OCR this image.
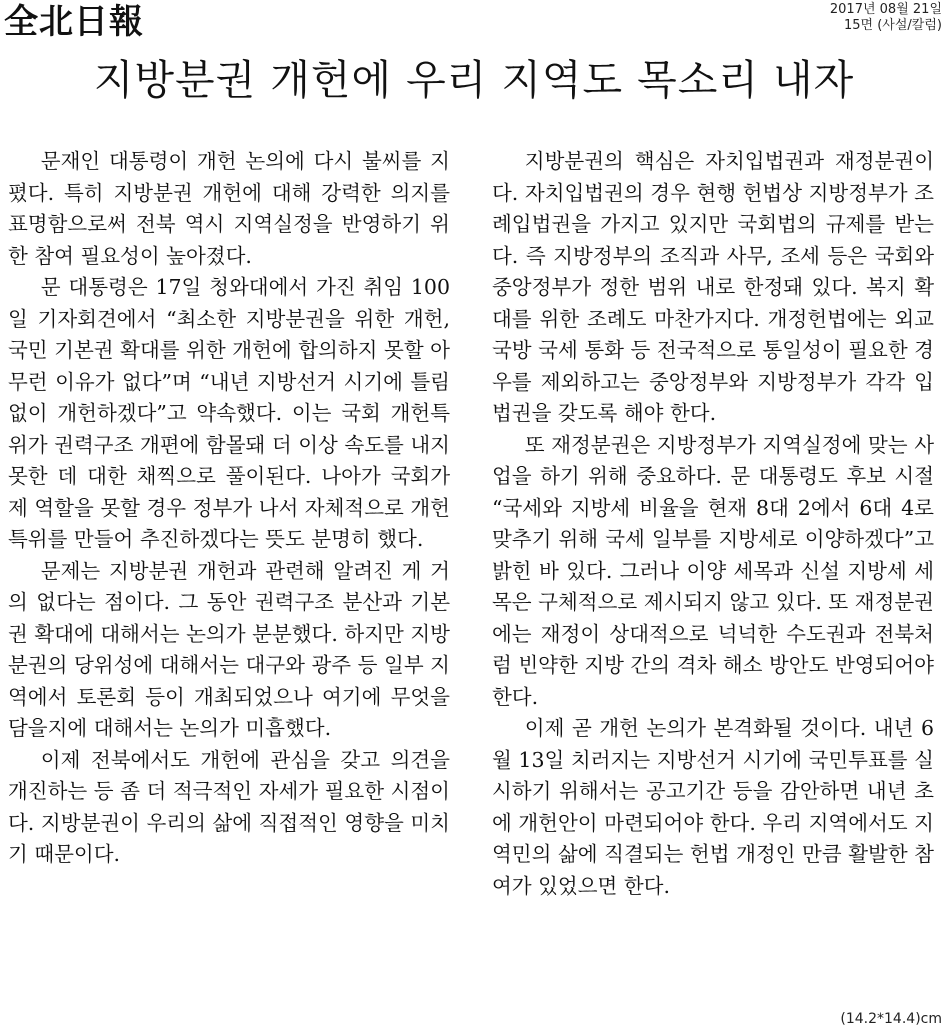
全北日報	2017년 08월 21일
15면 (사설/칼럼)
지방분권 개헌에 우리 지역도 목소리 내자

문재인 대통령이 개헌 논의에 다시 불씨를 지폈다. 특히 지방분권 개헌에 대해 강력한 의지를 표명함으로써 전북 역시 지역실정을 반영하기 위한 참여 필요성이 높아졌다.

문 대통령은 17일 청와대에서 가진 취임 100일 기자회견에서 “최소한 지방분권을 위한 개헌, 국민 기본권 확대를 위한 개헌에 합의하지 못할 아무런 이유가 없다”며 “내년 지방선거 시기에 틀림없이 개헌하겠다”고 약속했다. 이는 국회 개헌특위가 권력구조 개편에 함몰돼 더 이상 속도를 내지 못한 데 대한 채찍으로 풀이된다. 나아가 국회가 제 역할을 못할 경우 정부가 나서 자체적으로 개헌특위를 만들어 추진하겠다는 뜻도 분명히 했다.

문제는 지방분권 개헌과 관련해 알려진 게 거의 없다는 점이다. 그 동안 권력구조 분산과 기본권 확대에 대해서는 논의가 분분했다. 하지만 지방분권의 당위성에 대해서는 대구와 광주 등 일부 지역에서 토론회 등이 개최되었으나 여기에 무엇을 담을지에 대해서는 논의가 미흡했다.

이제 전북에서도 개헌에 관심을 갖고 의견을 개진하는 등 좀 더 적극적인 자세가 필요한 시점이다. 지방분권이 우리의 삶에 직접적인 영향을 미치기 때문이다.

지방분권의 핵심은 자치입법권과 재정분권이다. 자치입법권의 경우 현행 헌법상 지방정부가 조례입법권을 가지고 있지만 국회법의 규제를 받는다. 즉 지방정부의 조직과 사무, 조세 등은 국회와 중앙정부가 정한 범위 내로 한정돼 있다. 복지 확대를 위한 조례도 마찬가지다. 개정헌법에는 외교 국방 국세 통화 등 전국적으로 통일성이 필요한 경우를 제외하고는 중앙정부와 지방정부가 각각 입법권을 갖도록 해야 한다.

또 재정분권은 지방정부가 지역실정에 맞는 사업을 하기 위해 중요하다. 문 대통령도 후보 시절 “국세와 지방세 비율을 현재 8대 2에서 6대 4로 맞추기 위해 국세 일부를 지방세로 이양하겠다”고 밝힌 바 있다. 그러나 이양 세목과 신설 지방세 세목은 구체적으로 제시되지 않고 있다. 또 재정분권에는 재정이 상대적으로 넉넉한 수도권과 전북처럼 빈약한 지방 간의 격차 해소 방안도 반영되어야 한다.

이제 곧 개헌 논의가 본격화될 것이다. 내년 6월 13일 치러지는 지방선거 시기에 국민투표를 실시하기 위해서는 공고기간 등을 감안하면 내년 초에 개헌안이 마련되어야 한다. 우리 지역에서도 지역민의 삶에 직결되는 헌법 개정인 만큼 활발한 참여가 있었으면 한다.

(14.2*14.4)cm
